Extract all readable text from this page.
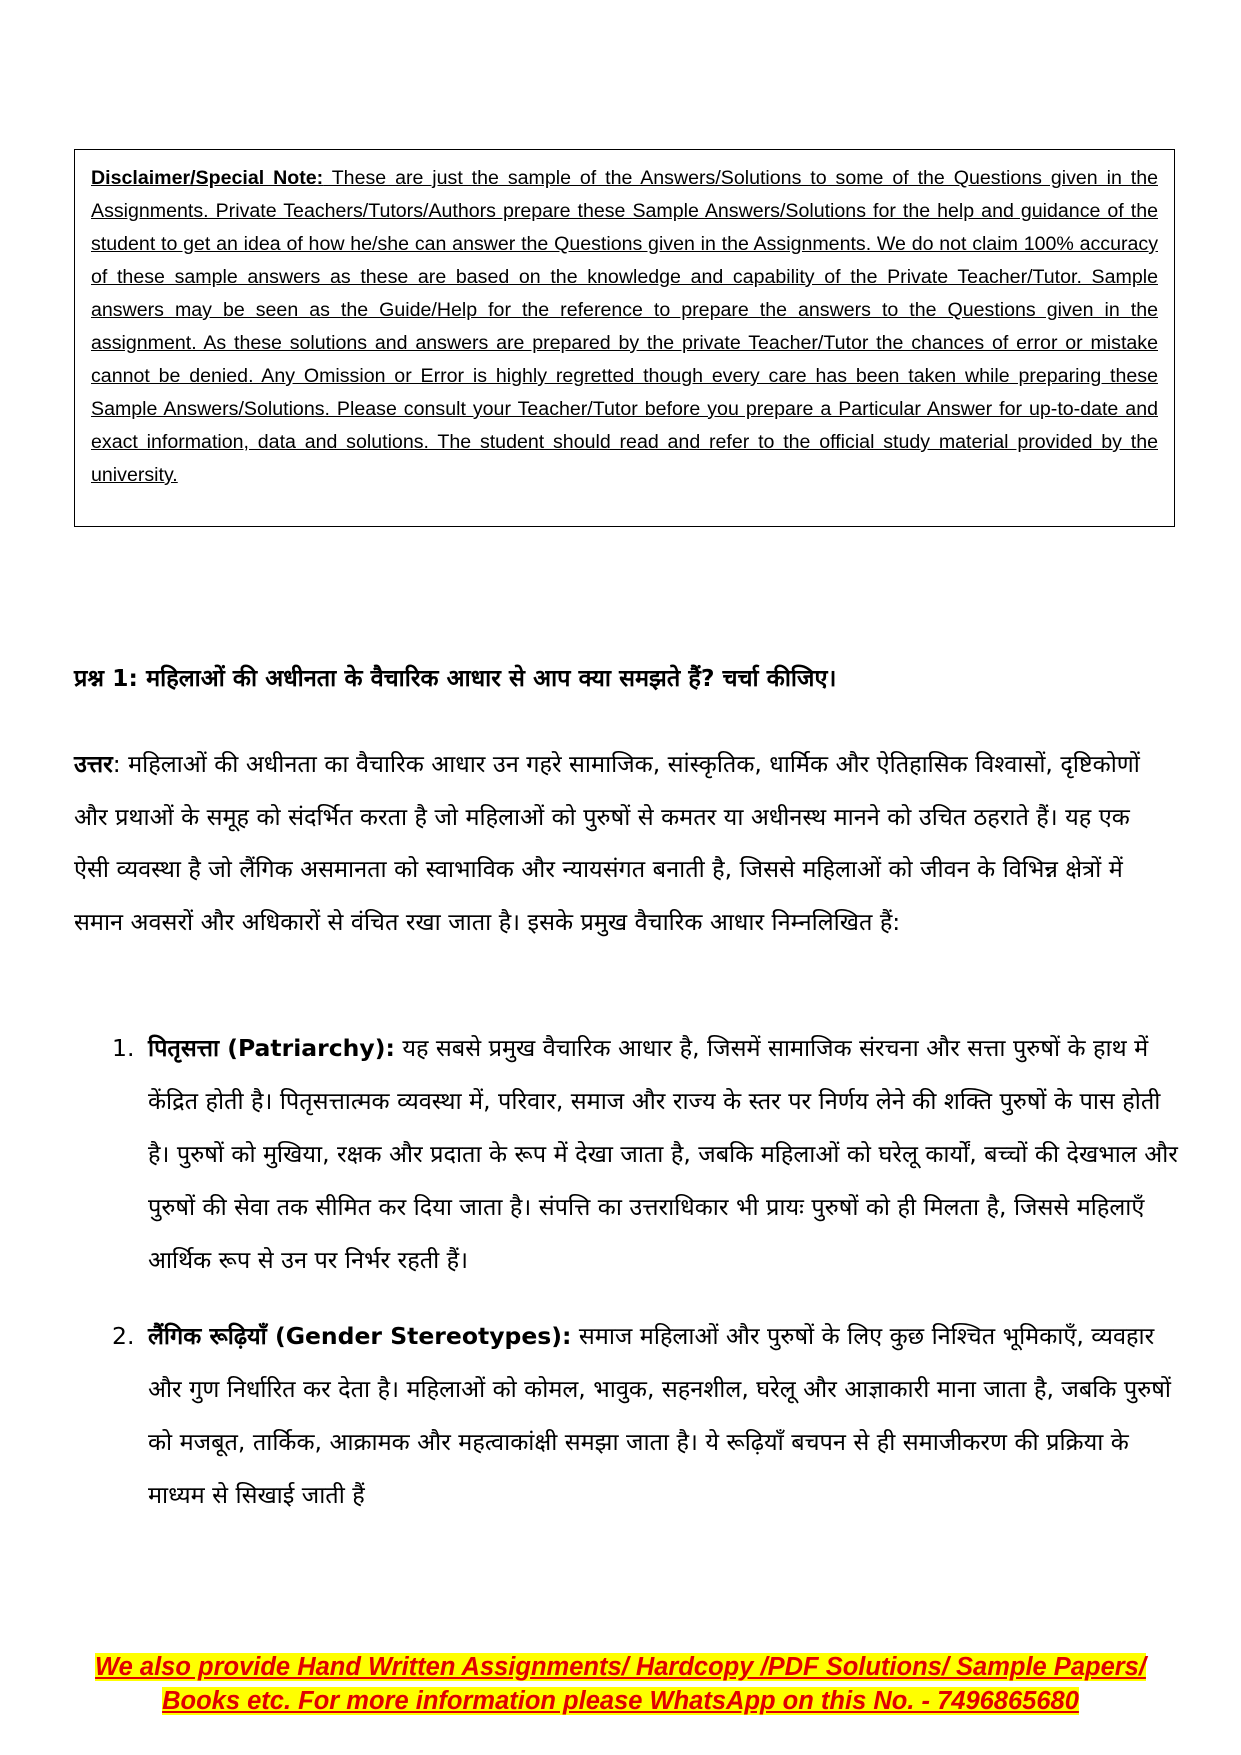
Disclaimer/Special Note: These are just the sample of the Answers/Solutions to some of the Questions given in the Assignments. Private Teachers/Tutors/Authors prepare these Sample Answers/Solutions for the help and guidance of the student to get an idea of how he/she can answer the Questions given in the Assignments. We do not claim 100% accuracy of these sample answers as these are based on the knowledge and capability of the Private Teacher/Tutor. Sample answers may be seen as the Guide/Help for the reference to prepare the answers to the Questions given in the assignment. As these solutions and answers are prepared by the private Teacher/Tutor the chances of error or mistake cannot be denied. Any Omission or Error is highly regretted though every care has been taken while preparing these Sample Answers/Solutions. Please consult your Teacher/Tutor before you prepare a Particular Answer for up-to-date and exact information, data and solutions. The student should read and refer to the official study material provided by the university.

प्रश्न 1: महिलाओं की अधीनता के वैचारिक आधार से आप क्या समझते हैं? चर्चा कीजिए।

उत्तर: महिलाओं की अधीनता का वैचारिक आधार उन गहरे सामाजिक, सांस्कृतिक, धार्मिक और ऐतिहासिक विश्वासों, दृष्टिकोणों और प्रथाओं के समूह को संदर्भित करता है जो महिलाओं को पुरुषों से कमतर या अधीनस्थ मानने को उचित ठहराते हैं। यह एक ऐसी व्यवस्था है जो लैंगिक असमानता को स्वाभाविक और न्यायसंगत बनाती है, जिससे महिलाओं को जीवन के विभिन्न क्षेत्रों में समान अवसरों और अधिकारों से वंचित रखा जाता है। इसके प्रमुख वैचारिक आधार निम्नलिखित हैं:

1. पितृसत्ता (Patriarchy): यह सबसे प्रमुख वैचारिक आधार है, जिसमें सामाजिक संरचना और सत्ता पुरुषों के हाथ में केंद्रित होती है। पितृसत्तात्मक व्यवस्था में, परिवार, समाज और राज्य के स्तर पर निर्णय लेने की शक्ति पुरुषों के पास होती है। पुरुषों को मुखिया, रक्षक और प्रदाता के रूप में देखा जाता है, जबकि महिलाओं को घरेलू कार्यों, बच्चों की देखभाल और पुरुषों की सेवा तक सीमित कर दिया जाता है। संपत्ति का उत्तराधिकार भी प्रायः पुरुषों को ही मिलता है, जिससे महिलाएँ आर्थिक रूप से उन पर निर्भर रहती हैं।
2. लैंगिक रूढ़ियाँ (Gender Stereotypes): समाज महिलाओं और पुरुषों के लिए कुछ निश्चित भूमिकाएँ, व्यवहार और गुण निर्धारित कर देता है। महिलाओं को कोमल, भावुक, सहनशील, घरेलू और आज्ञाकारी माना जाता है, जबकि पुरुषों को मजबूत, तार्किक, आक्रामक और महत्वाकांक्षी समझा जाता है। ये रूढ़ियाँ बचपन से ही समाजीकरण की प्रक्रिया के माध्यम से सिखाई जाती हैं
We also provide Hand Written Assignments/ Hardcopy /PDF Solutions/ Sample Papers/
Books etc. For more information please WhatsApp on this No. - 7496865680
